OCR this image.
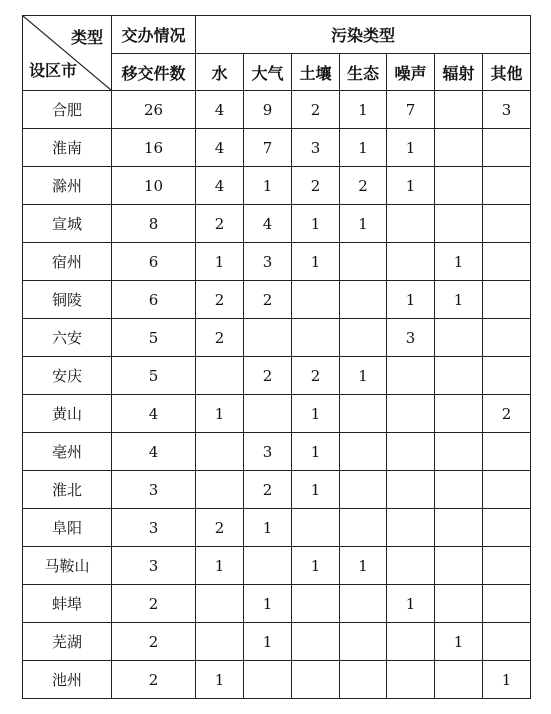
类型
设区市	交办情况	污染类型						
	移交件数	水	大气	土壤	生态	噪声	辐射	其他
合肥	26	4	9	2	1	7		3
淮南	16	4	7	3	1	1		
滁州	10	4	1	2	2	1		
宣城	8	2	4	1	1			
宿州	6	1	3	1			1	
铜陵	6	2	2			1	1	
六安	5	2				3		
安庆	5		2	2	1			
黄山	4	1		1				2
亳州	4		3	1				
淮北	3		2	1				
阜阳	3	2	1					
马鞍山	3	1		1	1			
蚌埠	2		1			1		
芜湖	2		1				1	
池州	2	1						1
